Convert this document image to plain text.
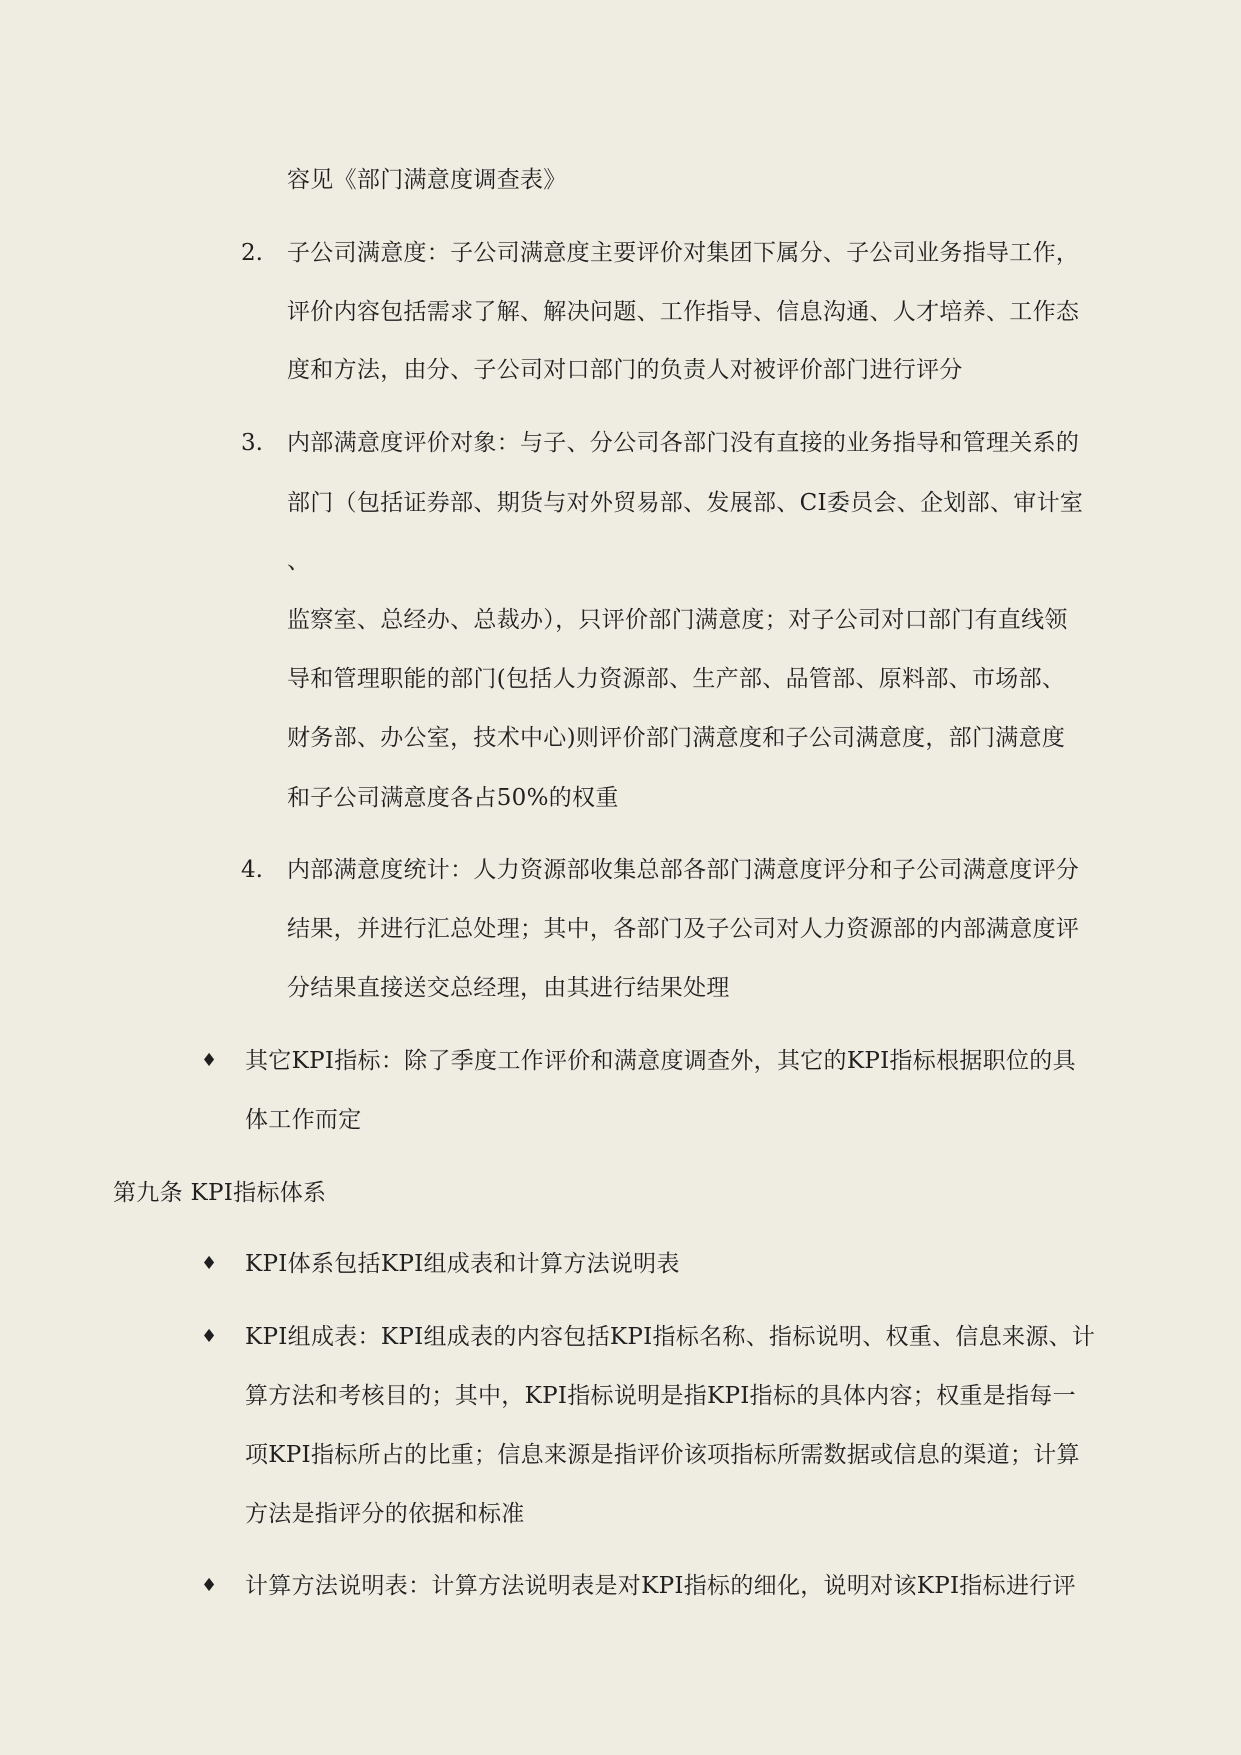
容见《部门满意度调查表》
2. 子公司满意度：子公司满意度主要评价对集团下属分、子公司业务指导工作，
评价内容包括需求了解、解决问题、工作指导、信息沟通、人才培养、工作态
度和方法，由分、子公司对口部门的负责人对被评价部门进行评分
3. 内部满意度评价对象：与子、分公司各部门没有直接的业务指导和管理关系的
部门（包括证券部、期货与对外贸易部、发展部、CI委员会、企划部、审计室
、
监察室、总经办、总裁办），只评价部门满意度；对子公司对口部门有直线领
导和管理职能的部门(包括人力资源部、生产部、品管部、原料部、市场部、
财务部、办公室，技术中心)则评价部门满意度和子公司满意度，部门满意度
和子公司满意度各占50%的权重
4. 内部满意度统计：人力资源部收集总部各部门满意度评分和子公司满意度评分
结果，并进行汇总处理；其中，各部门及子公司对人力资源部的内部满意度评
分结果直接送交总经理，由其进行结果处理
♦ 其它KPI指标：除了季度工作评价和满意度调查外，其它的KPI指标根据职位的具
体工作而定
第九条 KPI指标体系
♦ KPI体系包括KPI组成表和计算方法说明表
♦ KPI组成表：KPI组成表的内容包括KPI指标名称、指标说明、权重、信息来源、计
算方法和考核目的；其中，KPI指标说明是指KPI指标的具体内容；权重是指每一
项KPI指标所占的比重；信息来源是指评价该项指标所需数据或信息的渠道；计算
方法是指评分的依据和标准
♦ 计算方法说明表：计算方法说明表是对KPI指标的细化，说明对该KPI指标进行评
